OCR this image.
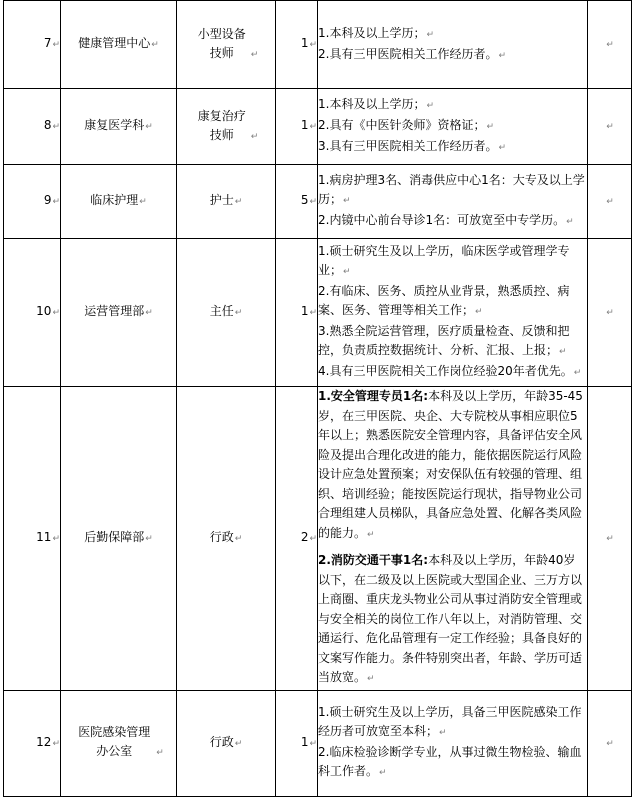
7↵	健康管理中心↵	小型设备技师 ↵	1↵	1.本科及以上学历；↵
2.具有三甲医院相关工作经历者。↵	↵
8↵	康复医学科↵	康复治疗技师 ↵	1↵	1.本科及以上学历；↵
2.具有《中医针灸师》资格证；↵
3.具有三甲医院相关工作经历者。↵	↵
9↵	临床护理↵	护士↵	5↵	1.病房护理3名、消毒供应中心1名：大专及以上学历；↵
2.内镜中心前台导诊1名：可放宽至中专学历。↵	↵
10↵	运营管理部↵	主任↵	1↵	1.硕士研究生及以上学历，临床医学或管理学专业；↵
2.有临床、医务、质控从业背景，熟悉质控、病案、医务、管理等相关工作；↵
3.熟悉全院运营管理，医疗质量检查、反馈和把控，负责质控数据统计、分析、汇报、上报；↵
4.具有三甲医院相关工作岗位经验20年者优先。↵	↵
11↵	后勤保障部↵	行政↵	2↵	1.安全管理专员1名:本科及以上学历，年龄35-45岁，在三甲医院、央企、大专院校从事相应职位5年以上；熟悉医院安全管理内容，具备评估安全风险及提出合理化改进的能力，能依据医院运行风险设计应急处置预案；对安保队伍有较强的管理、组织、培训经验；能按医院运行现状，指导物业公司合理组建人员梯队，具备应急处置、化解各类风险的能力。↵
2.消防交通干事1名:本科及以上学历，年龄40岁以下，在二级及以上医院或大型国企业、三万方以上商圈、重庆龙头物业公司从事过消防安全管理或与安全相关的岗位工作八年以上，对消防管理、交通运行、危化品管理有一定工作经验；具备良好的文案写作能力。条件特别突出者，年龄、学历可适当放宽。↵	↵
12↵	医院感染管理办公室 ↵	行政↵	1↵	1.硕士研究生及以上学历，具备三甲医院感染工作经历者可放宽至本科；↵
2.临床检验诊断学专业，从事过微生物检验、输血科工作者。↵	↵
